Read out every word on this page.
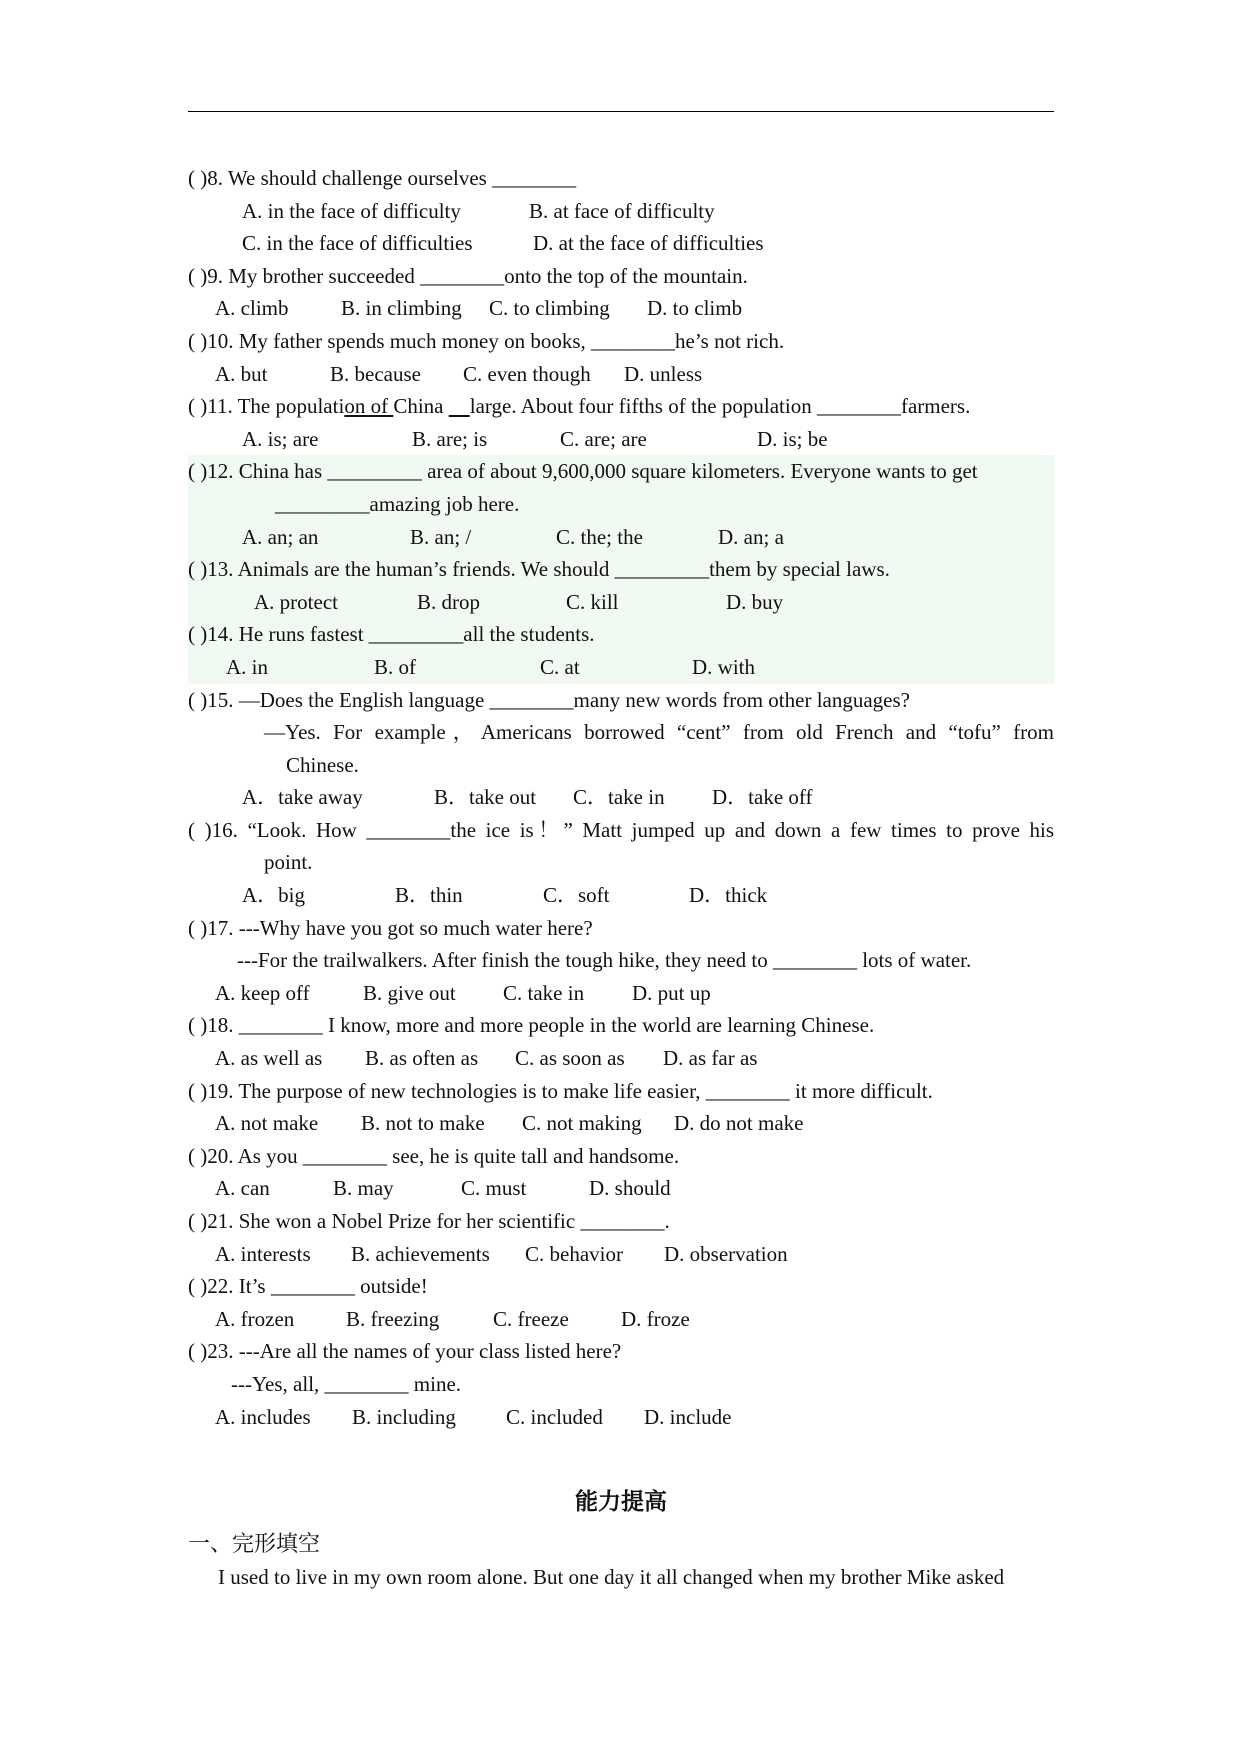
( )8. We should challenge ourselves ________
A. in the face of difficulty	B. at face of difficulty
C. in the face of difficulties	D. at the face of difficulties
( )9. My brother succeeded ________onto the top of the mountain.
A. climb	B. in climbing C. to climbing D. to climb
( )10. My father spends much money on books, ________he’s not rich.
A. but	B. because C. even though D. unless
( )11. The population of China     large. About four fifths of the population ________farmers.
A. is; are	B. are; is	C. are; are	D. is; be
( )12. China has _________ area of about 9,600,000 square kilometers. Everyone wants to get
_________amazing job here.
A. an; an	B. an; /	C. the; the	D. an; a
( )13. Animals are the human’s friends. We should _________them by special laws.
A. protect	B. drop	C. kill	D. buy
( )14. He runs fastest _________all the students.
A. in	B. of	C. at	D. with
( )15. —Does the English language ________many new words from other languages?
—Yes. For example，Americans borrowed “cent” from old French and “tofu” from
Chinese.
A．take away	B．take out C．take in D．take off
( )16. “Look. How ________the ice is！” Matt jumped up and down a few times to prove his
point.
A．big	B．thin	C．soft	D．thick
( )17. ---Why have you got so much water here?
---For the trailwalkers. After finish the tough hike, they need to ________ lots of water.
A. keep off	B. give out C. take in D. put up
( )18. ________ I know, more and more people in the world are learning Chinese.
A. as well as B. as often as C. as soon as D. as far as
( )19. The purpose of new technologies is to make life easier, ________ it more difficult.
A. not make B. not to make C. not making D. do not make
( )20. As you ________ see, he is quite tall and handsome.
A. can	B. may	C. must	D. should
( )21. She won a Nobel Prize for her scientific ________.
A. interests B. achievements C. behavior D. observation
( )22. It’s ________ outside!
A. frozen B. freezing	C. freeze D. froze
( )23. ---Are all the names of your class listed here?
---Yes, all, ________ mine.
A. includes B. including C. included D. include
能力提高
一、完形填空
I used to live in my own room alone. But one day it all changed when my brother Mike asked
